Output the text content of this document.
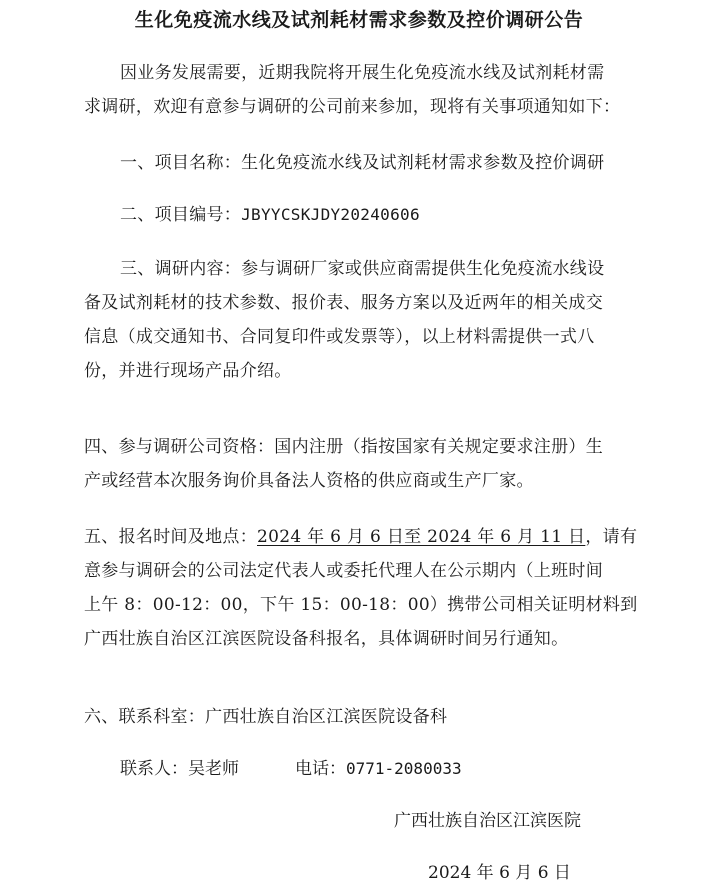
生化免疫流水线及试剂耗材需求参数及控价调研公告
因业务发展需要，近期我院将开展生化免疫流水线及试剂耗材需
求调研，欢迎有意参与调研的公司前来参加，现将有关事项通知如下：
一、项目名称：生化免疫流水线及试剂耗材需求参数及控价调研
二、项目编号：JBYYCSKJDY20240606
三、调研内容：参与调研厂家或供应商需提供生化免疫流水线设
备及试剂耗材的技术参数、报价表、服务方案以及近两年的相关成交
信息（成交通知书、合同复印件或发票等），以上材料需提供一式八
份，并进行现场产品介绍。
四、参与调研公司资格：国内注册（指按国家有关规定要求注册）生
产或经营本次服务询价具备法人资格的供应商或生产厂家。
五、报名时间及地点：2024 年 6 月 6 日至 2024 年 6 月 11 日，请有
意参与调研会的公司法定代表人或委托代理人在公示期内（上班时间
上午 8：00-12：00，下午 15：00-18：00）携带公司相关证明材料到
广西壮族自治区江滨医院设备科报名，具体调研时间另行通知。
六、联系科室：广西壮族自治区江滨医院设备科
联系人：吴老师	电话：0771-2080033
广西壮族自治区江滨医院
2024 年 6 月 6 日
